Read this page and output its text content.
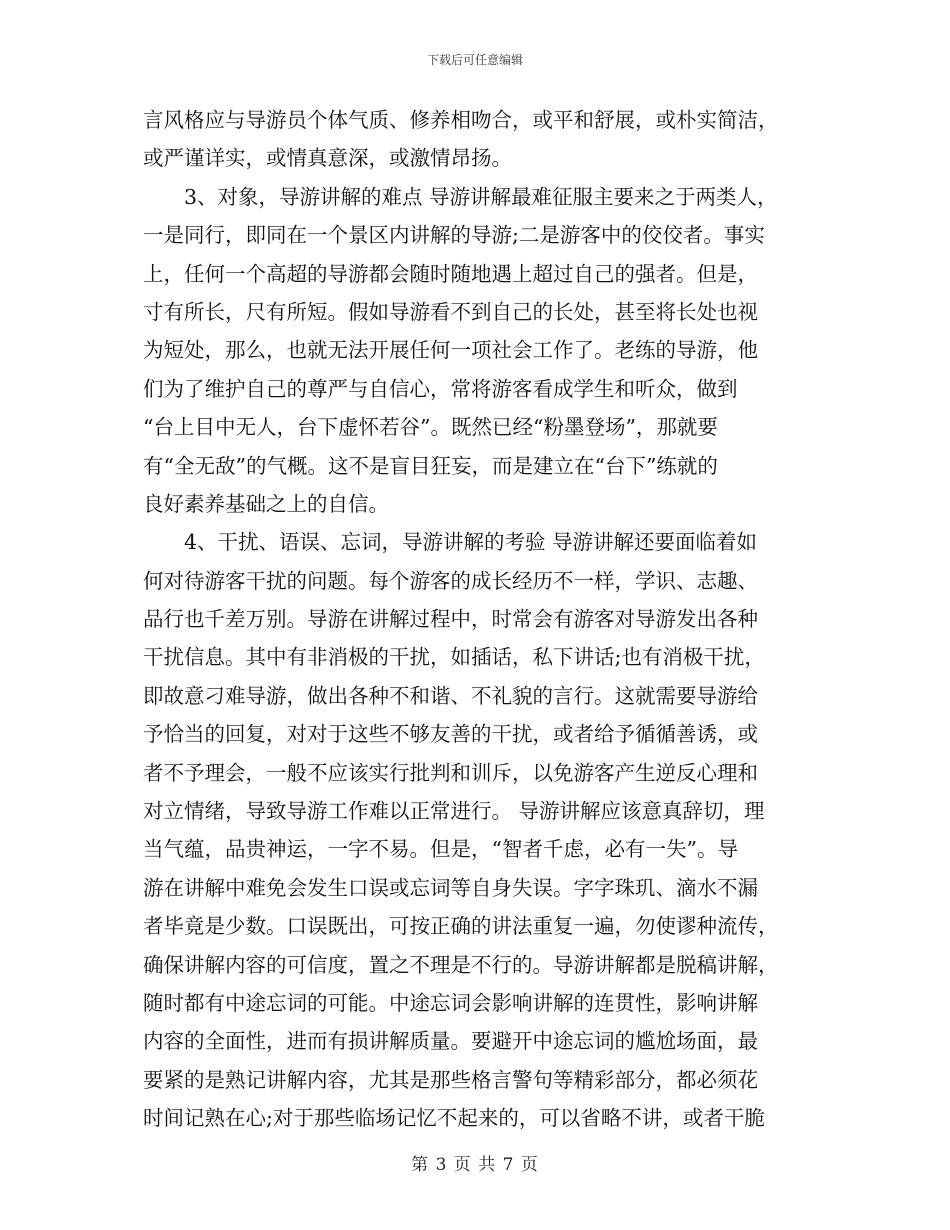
下载后可任意编辑
言风格应与导游员个体气质、修养相吻合，或平和舒展，或朴实简洁，
或严谨详实，或情真意深，或激情昂扬。
　　3、对象，导游讲解的难点 导游讲解最难征服主要来之于两类人，
一是同行，即同在一个景区内讲解的导游;二是游客中的佼佼者。事实
上，任何一个高超的导游都会随时随地遇上超过自己的强者。但是，
寸有所长，尺有所短。假如导游看不到自己的长处，甚至将长处也视
为短处，那么，也就无法开展任何一项社会工作了。老练的导游，他
们为了维护自己的尊严与自信心，常将游客看成学生和听众，做到
“台上目中无人，台下虚怀若谷”。既然已经“粉墨登场”，那就要
有“全无敌”的气概。这不是盲目狂妄，而是建立在“台下”练就的
良好素养基础之上的自信。
　　4、干扰、语误、忘词，导游讲解的考验 导游讲解还要面临着如
何对待游客干扰的问题。每个游客的成长经历不一样，学识、志趣、
品行也千差万别。导游在讲解过程中，时常会有游客对导游发出各种
干扰信息。其中有非消极的干扰，如插话，私下讲话;也有消极干扰，
即故意刁难导游，做出各种不和谐、不礼貌的言行。这就需要导游给
予恰当的回复，对对于这些不够友善的干扰，或者给予循循善诱，或
者不予理会，一般不应该实行批判和训斥，以免游客产生逆反心理和
对立情绪，导致导游工作难以正常进行。 导游讲解应该意真辞切，理
当气蕴，品贵神运，一字不易。但是，“智者千虑，必有一失”。导
游在讲解中难免会发生口误或忘词等自身失误。字字珠玑、滴水不漏
者毕竟是少数。口误既出，可按正确的讲法重复一遍，勿使谬种流传，
确保讲解内容的可信度，置之不理是不行的。导游讲解都是脱稿讲解，
随时都有中途忘词的可能。中途忘词会影响讲解的连贯性，影响讲解
内容的全面性，进而有损讲解质量。要避开中途忘词的尴尬场面，最
要紧的是熟记讲解内容，尤其是那些格言警句等精彩部分，都必须花
时间记熟在心;对于那些临场记忆不起来的，可以省略不讲，或者干脆
第 3 页 共 7 页
